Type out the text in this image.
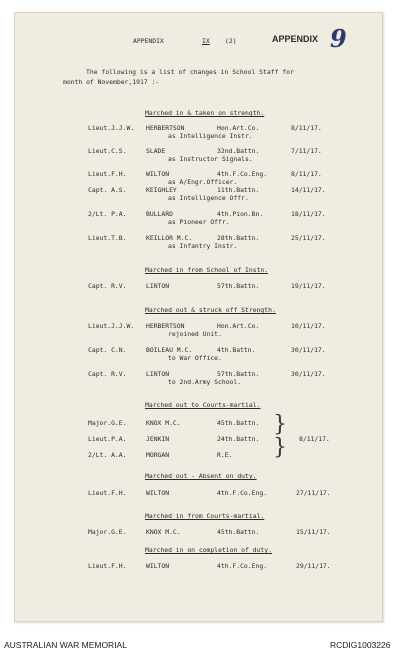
APPENDIX	IX (2)	APPENDIX 9
The following is a list of changes in School Staff for
month of November,1917 :-
Marched in & taken on strength.
Lieut.J.J.W. HERBERTSON	Hon.Art.Co.	8/11/17.
as Intelligence Instr.
Lieut.C.S.	SLADE	32nd.Battn.	7/11/17.
as Instructor Signals.
Lieut.F.H.	WILTON	4th.F.Co.Eng.	8/11/17.
as A/Engr.Officer.
Capt. A.S.	KEIGHLEY	11th.Battn.	14/11/17.
as Intelligence Offr.
2/Lt. P.A.	BULLARD	4th.Pion.Bn.	18/11/17.
as Pioneer Offr.
Lieut.T.B.	KEILLOR M.C.	28th.Battn.	25/11/17.
as Infantry Instr.
Marched in from School of Instn.
Capt. R.V.	LINTON	57th.Battn.	19/11/17.
Marched out & struck off Strength.
Lieut.J.J.W. HERBERTSON	Hon.Art.Co.	10/11/17.
rejoined Unit.
Capt. C.N.	BOILEAU M.C.	4th.Battn.	30/11/17.
to War Office.
Capt. R.V.	LINTON	57th.Battn.	30/11/17.
to 2nd.Army School.
Marched out to Courts-martial.
Major.G.E.	KNOX M.C.	45th.Battn.
Lieut.P.A.	JENKIN	24th.Battn.
2/Lt. A.A.	MORGAN	R.E.
}
} 8/11/17.
Marched out - Absent on duty.
Lieut.F.H.	WILTON	4th.F.Co.Eng.	27/11/17.
Marched in from Courts-martial.
Major.G.E.	KNOX M.C.	45th.Battn.	15/11/17.
Marched in on completion of duty.
Lieut.F.H.	WILTON	4th.F.Co.Eng.	29/11/17.
AUSTRALIAN WAR MEMORIAL	RCDIG1003226
